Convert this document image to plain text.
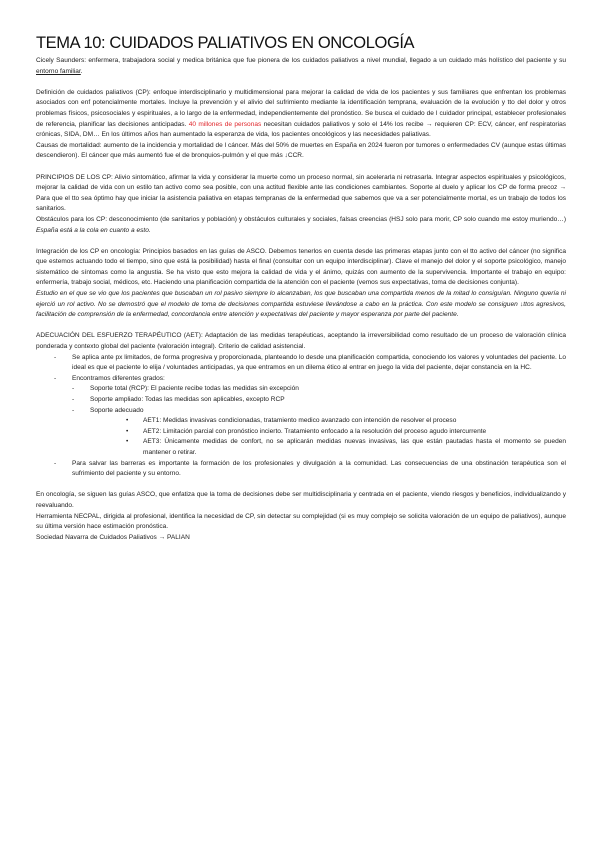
TEMA 10: CUIDADOS PALIATIVOS EN ONCOLOGÍA

Cicely Saunders: enfermera, trabajadora social y medica británica que fue pionera de los cuidados paliativos a nivel mundial, llegado a un cuidado más holístico del paciente y su entorno familiar.

Definición de cuidados paliativos (CP): enfoque interdisciplinario y multidimensional para mejorar la calidad de vida de los pacientes y sus familiares que enfrentan los problemas asociados con enf potencialmente mortales. Incluye la prevención y el alivio del sufrimiento mediante la identificación temprana, evaluación de la evolución y tto del dolor y otros problemas físicos, psicosociales y espirituales, a lo largo de la enfermedad, independientemente del pronóstico. Se busca el cuidado de l cuidador principal, establecer profesionales de referencia, planificar las decisiones anticipadas. 40 millones de personas necesitan cuidados paliativos y solo el 14% los recibe → requieren CP: ECV, cáncer, enf respiratorias crónicas, SIDA, DM… En los últimos años han aumentado la esperanza de vida, los pacientes oncológicos y las necesidades paliativas.

Causas de mortalidad: aumento de la incidencia y mortalidad de l cáncer. Más del 50% de muertes en España en 2024 fueron por tumores o enfermedades CV (aunque estas últimas descendieron). El cáncer que más aumentó fue el de bronquios-pulmón y el que más ↓CCR.

PRINCIPIOS DE LOS CP: Alivio sintomático, afirmar la vida y considerar la muerte como un proceso normal, sin acelerarla ni retrasarla. Integrar aspectos espirituales y psicológicos, mejorar la calidad de vida con un estilo tan activo como sea posible, con una actitud flexible ante las condiciones cambiantes. Soporte al duelo y aplicar los CP de forma precoz → Para que el tto sea óptimo hay que iniciar la asistencia paliativa en etapas tempranas de la enfermedad que sabemos que va a ser potencialmente mortal, es un trabajo de todos los sanitarios.

Obstáculos para los CP: desconocimiento (de sanitarios y población) y obstáculos culturales y sociales, falsas creencias (HSJ solo para morir, CP solo cuando me estoy muriendo…) España está a la cola en cuanto a esto.

Integración de los CP en oncología: Principios basados en las guías de ASCO. Debemos tenerlos en cuenta desde las primeras etapas junto con el tto activo del cáncer (no significa que estemos actuando todo el tiempo, sino que está la posibilidad) hasta el final (consultar con un equipo interdisciplinar). Clave el manejo del dolor y el soporte psicológico, manejo sistemático de síntomas como la angustia. Se ha visto que esto mejora la calidad de vida y el ánimo, quizás con aumento de la supervivencia. Importante el trabajo en equipo: enfermería, trabajo social, médicos, etc. Haciendo una planificación compartida de la atención con el paciente (vemos sus expectativas, toma de decisiones conjunta).

Estudio en el que se vio que los pacientes que buscaban un rol pasivo siempre lo alcanzaban, los que buscaban una compartida menos de la mitad lo consiguían. Ninguno quería ni ejerció un rol activo. No se demostró que el modelo de toma de decisiones compartida estuviese llevándose a cabo en la práctica. Con este modelo se consiguen ↓ttos agresivos, facilitación de comprensión de la enfermedad, concordancia entre atención y expectativas del paciente y mayor esperanza por parte del paciente.

ADECUACIÓN DEL ESFUERZO TERAPÉUTICO (AET): Adaptación de las medidas terapéuticas, aceptando la irreversibilidad como resultado de un proceso de valoración clínica ponderada y contexto global del paciente (valoración integral). Criterio de calidad asistencial.

- Se aplica ante px limitados, de forma progresiva y proporcionada, planteando lo desde una planificación compartida, conociendo los valores y voluntades del paciente. Lo ideal es que el paciente lo elija / voluntades anticipadas, ya que entramos en un dilema ético al entrar en juego la vida del paciente, dejar constancia en la HC.
- Encontramos diferentes grados:
- Soporte total (RCP): El paciente recibe todas las medidas sin excepción
- Soporte ampliado: Todas las medidas son aplicables, excepto RCP
- Soporte adecuado
• AET1: Medidas invasivas condicionadas, tratamiento medico avanzado con intención de resolver el proceso
• AET2: Limitación parcial con pronóstico incierto. Tratamiento enfocado a la resolución del proceso agudo intercurrente
• AET3: Únicamente medidas de confort, no se aplicarán medidas nuevas invasivas, las que están pautadas hasta el momento se pueden mantener o retirar.
- Para salvar las barreras es importante la formación de los profesionales y divulgación a la comunidad. Las consecuencias de una obstinación terapéutica son el sufrimiento del paciente y su entorno.

En oncología, se siguen las guías ASCO, que enfatiza que la toma de decisiones debe ser multidisciplinaria y centrada en el paciente, viendo riesgos y beneficios, individualizando y reevaluando.

Herramienta NECPAL, dirigida al profesional, identifica la necesidad de CP, sin detectar su complejidad (si es muy complejo se solicita valoración de un equipo de paliativos), aunque su última versión hace estimación pronóstica.

Sociedad Navarra de Cuidados Paliativos → PALIAN
